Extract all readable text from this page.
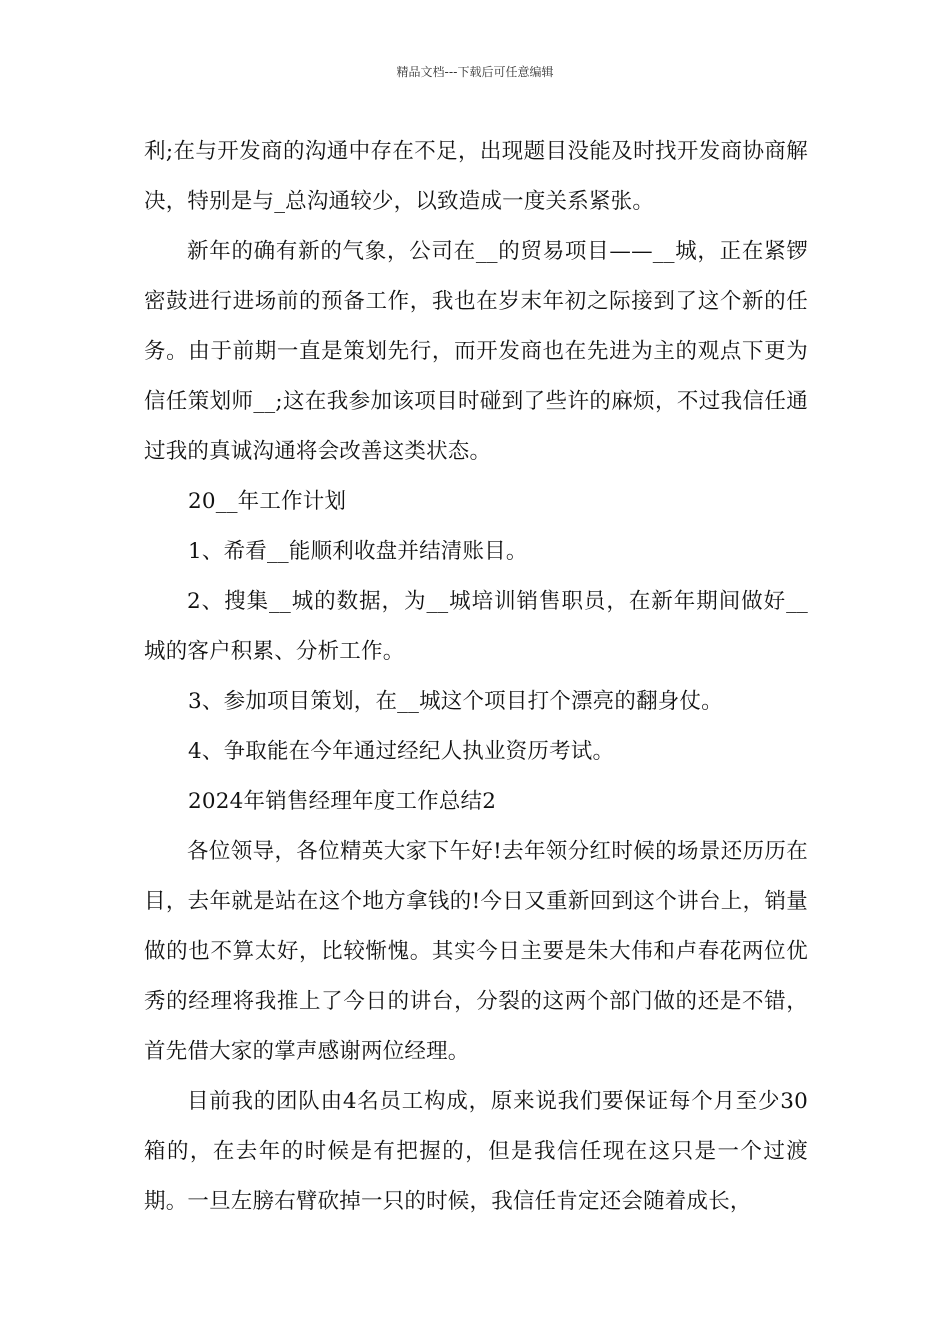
精品文档---下载后可任意编辑

利;在与开发商的沟通中存在不足，出现题目没能及时找开发商协商解决，特别是与_总沟通较少，以致造成一度关系紧张。

新年的确有新的气象，公司在__的贸易项目——__城，正在紧锣密鼓进行进场前的预备工作，我也在岁末年初之际接到了这个新的任务。由于前期一直是策划先行，而开发商也在先进为主的观点下更为信任策划师__;这在我参加该项目时碰到了些许的麻烦，不过我信任通过我的真诚沟通将会改善这类状态。

20__年工作计划

1、希看__能顺利收盘并结清账目。

2、搜集__城的数据，为__城培训销售职员，在新年期间做好__城的客户积累、分析工作。

3、参加项目策划，在__城这个项目打个漂亮的翻身仗。

4、争取能在今年通过经纪人执业资历考试。

2024年销售经理年度工作总结2

各位领导，各位精英大家下午好!去年领分红时候的场景还历历在目，去年就是站在这个地方拿钱的!今日又重新回到这个讲台上，销量做的也不算太好，比较惭愧。其实今日主要是朱大伟和卢春花两位优秀的经理将我推上了今日的讲台，分裂的这两个部门做的还是不错，首先借大家的掌声感谢两位经理。

目前我的团队由4名员工构成，原来说我们要保证每个月至少30箱的，在去年的时候是有把握的，但是我信任现在这只是一个过渡期。一旦左膀右臂砍掉一只的时候，我信任肯定还会随着成长，
